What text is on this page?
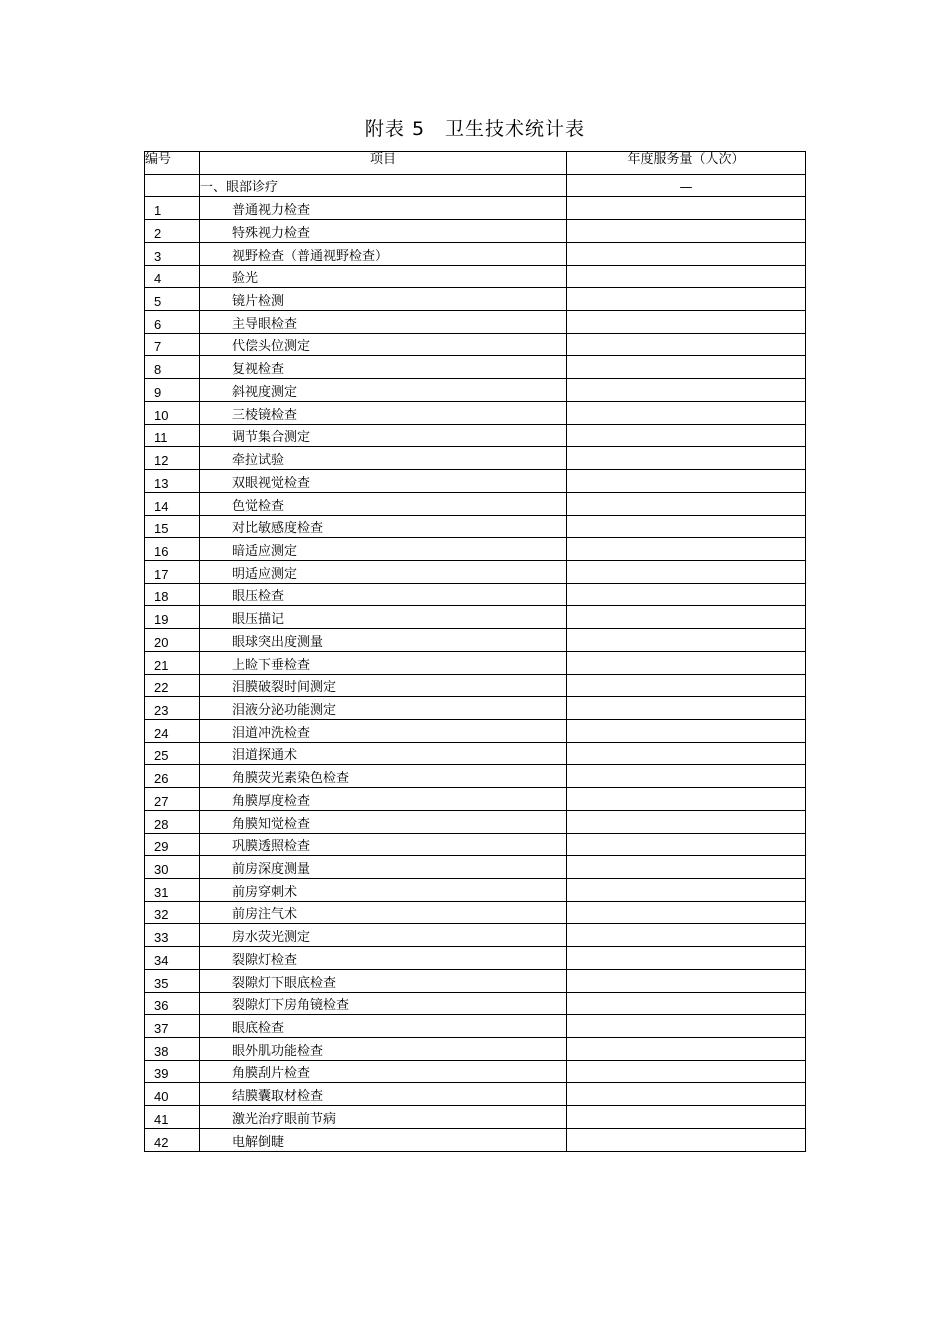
附表 5　卫生技术统计表
编号	项目	年度服务量（人次）
	一、眼部诊疗	—
1	普通视力检查	
2	特殊视力检查	
3	视野检查（普通视野检查）	
4	验光	
5	镜片检测	
6	主导眼检查	
7	代偿头位测定	
8	复视检查	
9	斜视度测定	
10	三棱镜检查	
11	调节集合测定	
12	牵拉试验	
13	双眼视觉检查	
14	色觉检查	
15	对比敏感度检查	
16	暗适应测定	
17	明适应测定	
18	眼压检查	
19	眼压描记	
20	眼球突出度测量	
21	上睑下垂检查	
22	泪膜破裂时间测定	
23	泪液分泌功能测定	
24	泪道冲洗检查	
25	泪道探通术	
26	角膜荧光素染色检查	
27	角膜厚度检查	
28	角膜知觉检查	
29	巩膜透照检查	
30	前房深度测量	
31	前房穿刺术	
32	前房注气术	
33	房水荧光测定	
34	裂隙灯检查	
35	裂隙灯下眼底检查	
36	裂隙灯下房角镜检查	
37	眼底检查	
38	眼外肌功能检查	
39	角膜刮片检查	
40	结膜囊取材检查	
41	激光治疗眼前节病	
42	电解倒睫	
